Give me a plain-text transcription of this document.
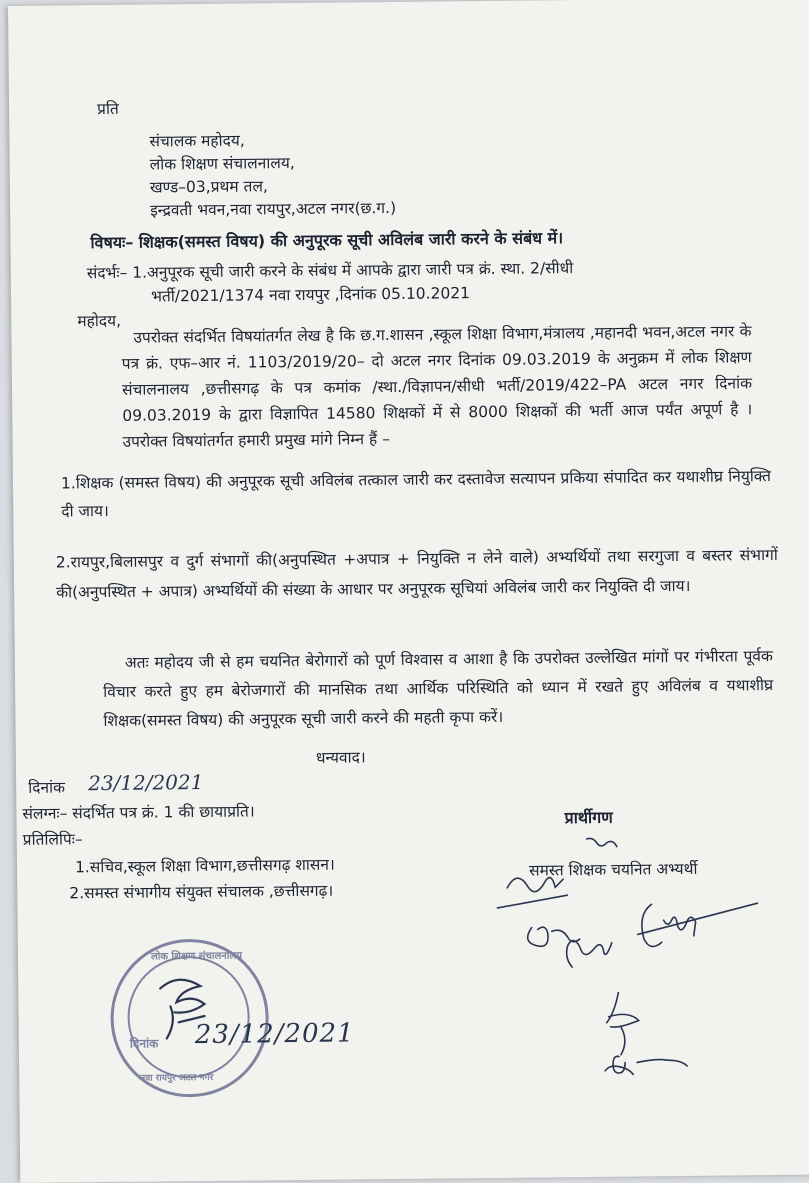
प्रति
संचालक महोदय,
लोक शिक्षण संचालनालय,
खण्ड–03,प्रथम तल,
इन्द्रवती भवन,नवा रायपुर,अटल नगर(छ.ग.)
विषयः– शिक्षक(समस्त विषय) की अनुपूरक सूची अविलंब जारी करने के संबंध में।
संदर्भः– 1.अनुपूरक सूची जारी करने के संबंध में आपके द्वारा जारी पत्र क्रं. स्था. 2/सीधी
भर्ती/2021/1374 नवा रायपुर ,दिनांक 05.10.2021
महोदय,
उपरोक्त संदर्भित विषयांतर्गत लेख है कि छ.ग.शासन ,स्कूल शिक्षा विभाग,मंत्रालय ,महानदी भवन,अटल नगर के पत्र क्रं. एफ–आर नं. 1103/2019/20– दो अटल नगर दिनांक 09.03.2019 के अनुक्रम में लोक शिक्षण संचालनालय ,छत्तीसगढ़ के पत्र कमांक /स्था./विज्ञापन/सीधी भर्ती/2019/422–PA अटल नगर दिनांक 09.03.2019 के द्वारा विज्ञापित 14580 शिक्षकों में से 8000 शिक्षकों की भर्ती आज पर्यंत अपूर्ण है । उपरोक्त विषयांतर्गत हमारी प्रमुख मांगे निम्न हैं –
1.शिक्षक (समस्त विषय) की अनुपूरक सूची अविलंब तत्काल जारी कर दस्तावेज सत्यापन प्रकिया संपादित कर यथाशीघ्र नियुक्ति दी जाय।
2.रायपुर,बिलासपुर व दुर्ग संभागों की(अनुपस्थित +अपात्र + नियुक्ति न लेने वाले) अभ्यर्थियों तथा सरगुजा व बस्तर संभागों की(अनुपस्थित + अपात्र) अभ्यर्थियों की संख्या के आधार पर अनुपूरक सूचियां अविलंब जारी कर नियुक्ति दी जाय।
अतः महोदय जी से हम चयनित बेरोगारों को पूर्ण विश्वास व आशा है कि उपरोक्त उल्लेखित मांगों पर गंभीरता पूर्वक विचार करते हुए हम बेरोजगारों की मानसिक तथा आर्थिक परिस्थिति को ध्यान में रखते हुए अविलंब व यथाशीघ्र शिक्षक(समस्त विषय) की अनुपूरक सूची जारी करने की महती कृपा करें।
धन्यवाद।
दिनांक 23/12/2021
संलग्नः– संदर्भित पत्र क्रं. 1 की छायाप्रति।
प्रतिलिपिः–
1.सचिव,स्कूल शिक्षा विभाग,छत्तीसगढ़ शासन।
2.समस्त संभागीय संयुक्त संचालक ,छत्तीसगढ़।
प्रार्थीगण
समस्त शिक्षक चयनित अभ्यर्थी
लोक शिक्षण संचालनालय
नवा रायपुर अटल नगर
दिनांक 23/12/2021
